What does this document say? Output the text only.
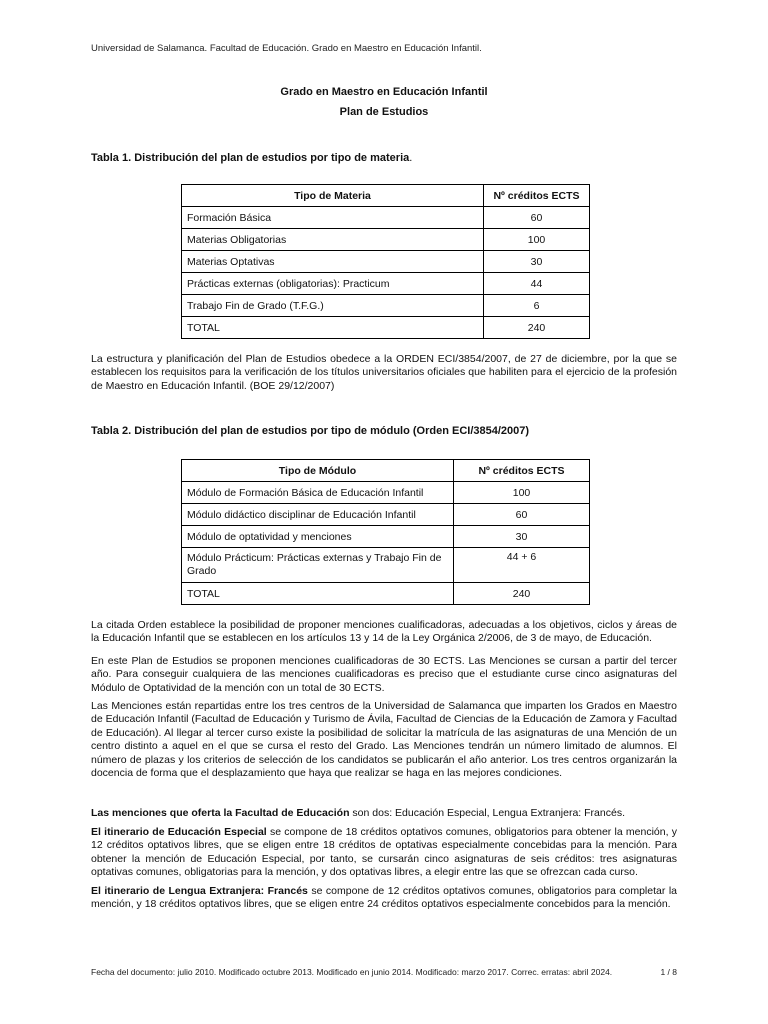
Universidad de Salamanca. Facultad de Educación. Grado en Maestro en Educación Infantil.
Grado en Maestro en Educación Infantil
Plan de Estudios
Tabla 1. Distribución del plan de estudios por tipo de materia.
Tipo de Materia	Nº créditos ECTS
Formación Básica	60
Materias Obligatorias	100
Materias Optativas	30
Prácticas externas (obligatorias): Practicum	44
Trabajo Fin de Grado (T.F.G.)	6
TOTAL	240
La estructura y planificación del Plan de Estudios obedece a la ORDEN ECI/3854/2007, de 27 de diciembre, por la que se establecen los requisitos para la verificación de los títulos universitarios oficiales que habiliten para el ejercicio de la profesión de Maestro en Educación Infantil. (BOE 29/12/2007)
Tabla 2. Distribución del plan de estudios por tipo de módulo (Orden ECI/3854/2007)
Tipo de Módulo	Nº créditos ECTS
Módulo de Formación Básica de Educación Infantil	100
Módulo didáctico disciplinar de Educación Infantil	60
Módulo de optatividad y menciones	30
Módulo Prácticum: Prácticas externas y Trabajo Fin de Grado	44 + 6
TOTAL	240
La citada Orden establece la posibilidad de proponer menciones cualificadoras, adecuadas a los objetivos, ciclos y áreas de la Educación Infantil que se establecen en los artículos 13 y 14 de la Ley Orgánica 2/2006, de 3 de mayo, de Educación.
En este Plan de Estudios se proponen menciones cualificadoras de 30 ECTS. Las Menciones se cursan a partir del tercer año. Para conseguir cualquiera de las menciones cualificadoras es preciso que el estudiante curse cinco asignaturas del Módulo de Optatividad de la mención con un total de 30 ECTS.
Las Menciones están repartidas entre los tres centros de la Universidad de Salamanca que imparten los Grados en Maestro de Educación Infantil (Facultad de Educación y Turismo de Ávila, Facultad de Ciencias de la Educación de Zamora y Facultad de Educación). Al llegar al tercer curso existe la posibilidad de solicitar la matrícula de las asignaturas de una Mención de un centro distinto a aquel en el que se cursa el resto del Grado. Las Menciones tendrán un número limitado de alumnos. El número de plazas y los criterios de selección de los candidatos se publicarán el año anterior. Los tres centros organizarán la docencia de forma que el desplazamiento que haya que realizar se haga en las mejores condiciones.
Las menciones que oferta la Facultad de Educación son dos: Educación Especial, Lengua Extranjera: Francés.
El itinerario de Educación Especial se compone de 18 créditos optativos comunes, obligatorios para obtener la mención, y 12 créditos optativos libres, que se eligen entre 18 créditos de optativas especialmente concebidas para la mención. Para obtener la mención de Educación Especial, por tanto, se cursarán cinco asignaturas de seis créditos: tres asignaturas optativas comunes, obligatorias para la mención, y dos optativas libres, a elegir entre las que se ofrezcan cada curso.
El itinerario de Lengua Extranjera: Francés se compone de 12 créditos optativos comunes, obligatorios para completar la mención, y 18 créditos optativos libres, que se eligen entre 24 créditos optativos especialmente concebidos para la mención.
Fecha del documento: julio 2010. Modificado octubre 2013. Modificado en junio 2014. Modificado: marzo 2017. Correc. erratas: abril 2024.	1 / 8
